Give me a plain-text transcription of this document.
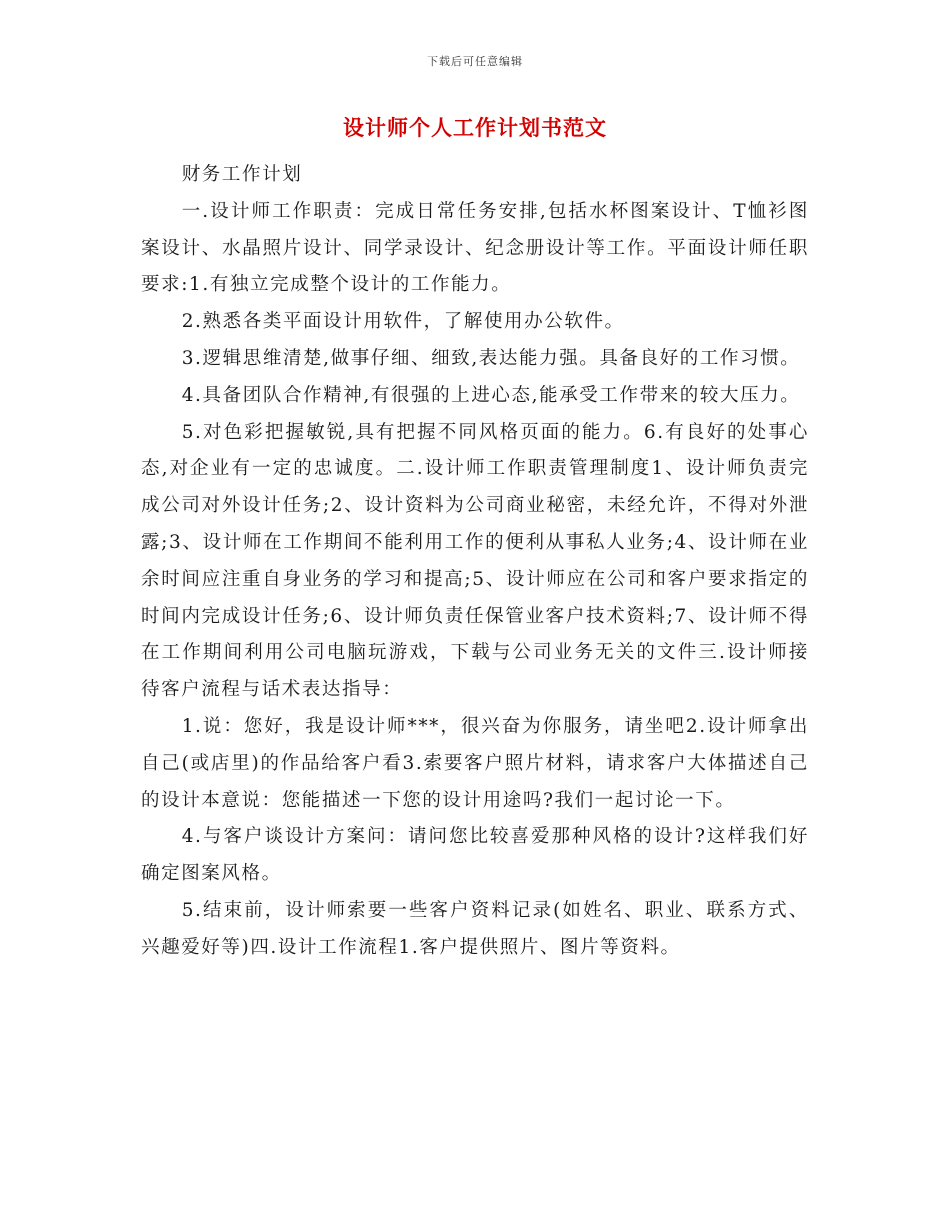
下载后可任意编辑
设计师个人工作计划书范文

财务工作计划

一.设计师工作职责：完成日常任务安排,包括水杯图案设计、T恤衫图案设计、水晶照片设计、同学录设计、纪念册设计等工作。平面设计师任职要求:1.有独立完成整个设计的工作能力。

2.熟悉各类平面设计用软件，了解使用办公软件。

3.逻辑思维清楚,做事仔细、细致,表达能力强。具备良好的工作习惯。

4.具备团队合作精神,有很强的上进心态,能承受工作带来的较大压力。

5.对色彩把握敏锐,具有把握不同风格页面的能力。6.有良好的处事心态,对企业有一定的忠诚度。二.设计师工作职责管理制度1、设计师负责完成公司对外设计任务;2、设计资料为公司商业秘密，未经允许，不得对外泄露;3、设计师在工作期间不能利用工作的便利从事私人业务;4、设计师在业余时间应注重自身业务的学习和提高;5、设计师应在公司和客户要求指定的时间内完成设计任务;6、设计师负责任保管业客户技术资料;7、设计师不得在工作期间利用公司电脑玩游戏，下载与公司业务无关的文件三.设计师接待客户流程与话术表达指导：

1.说：您好，我是设计师***，很兴奋为你服务，请坐吧2.设计师拿出自己(或店里)的作品给客户看3.索要客户照片材料，请求客户大体描述自己的设计本意说：您能描述一下您的设计用途吗?我们一起讨论一下。

4.与客户谈设计方案问：请问您比较喜爱那种风格的设计?这样我们好确定图案风格。

5.结束前，设计师索要一些客户资料记录(如姓名、职业、联系方式、兴趣爱好等)四.设计工作流程1.客户提供照片、图片等资料。
